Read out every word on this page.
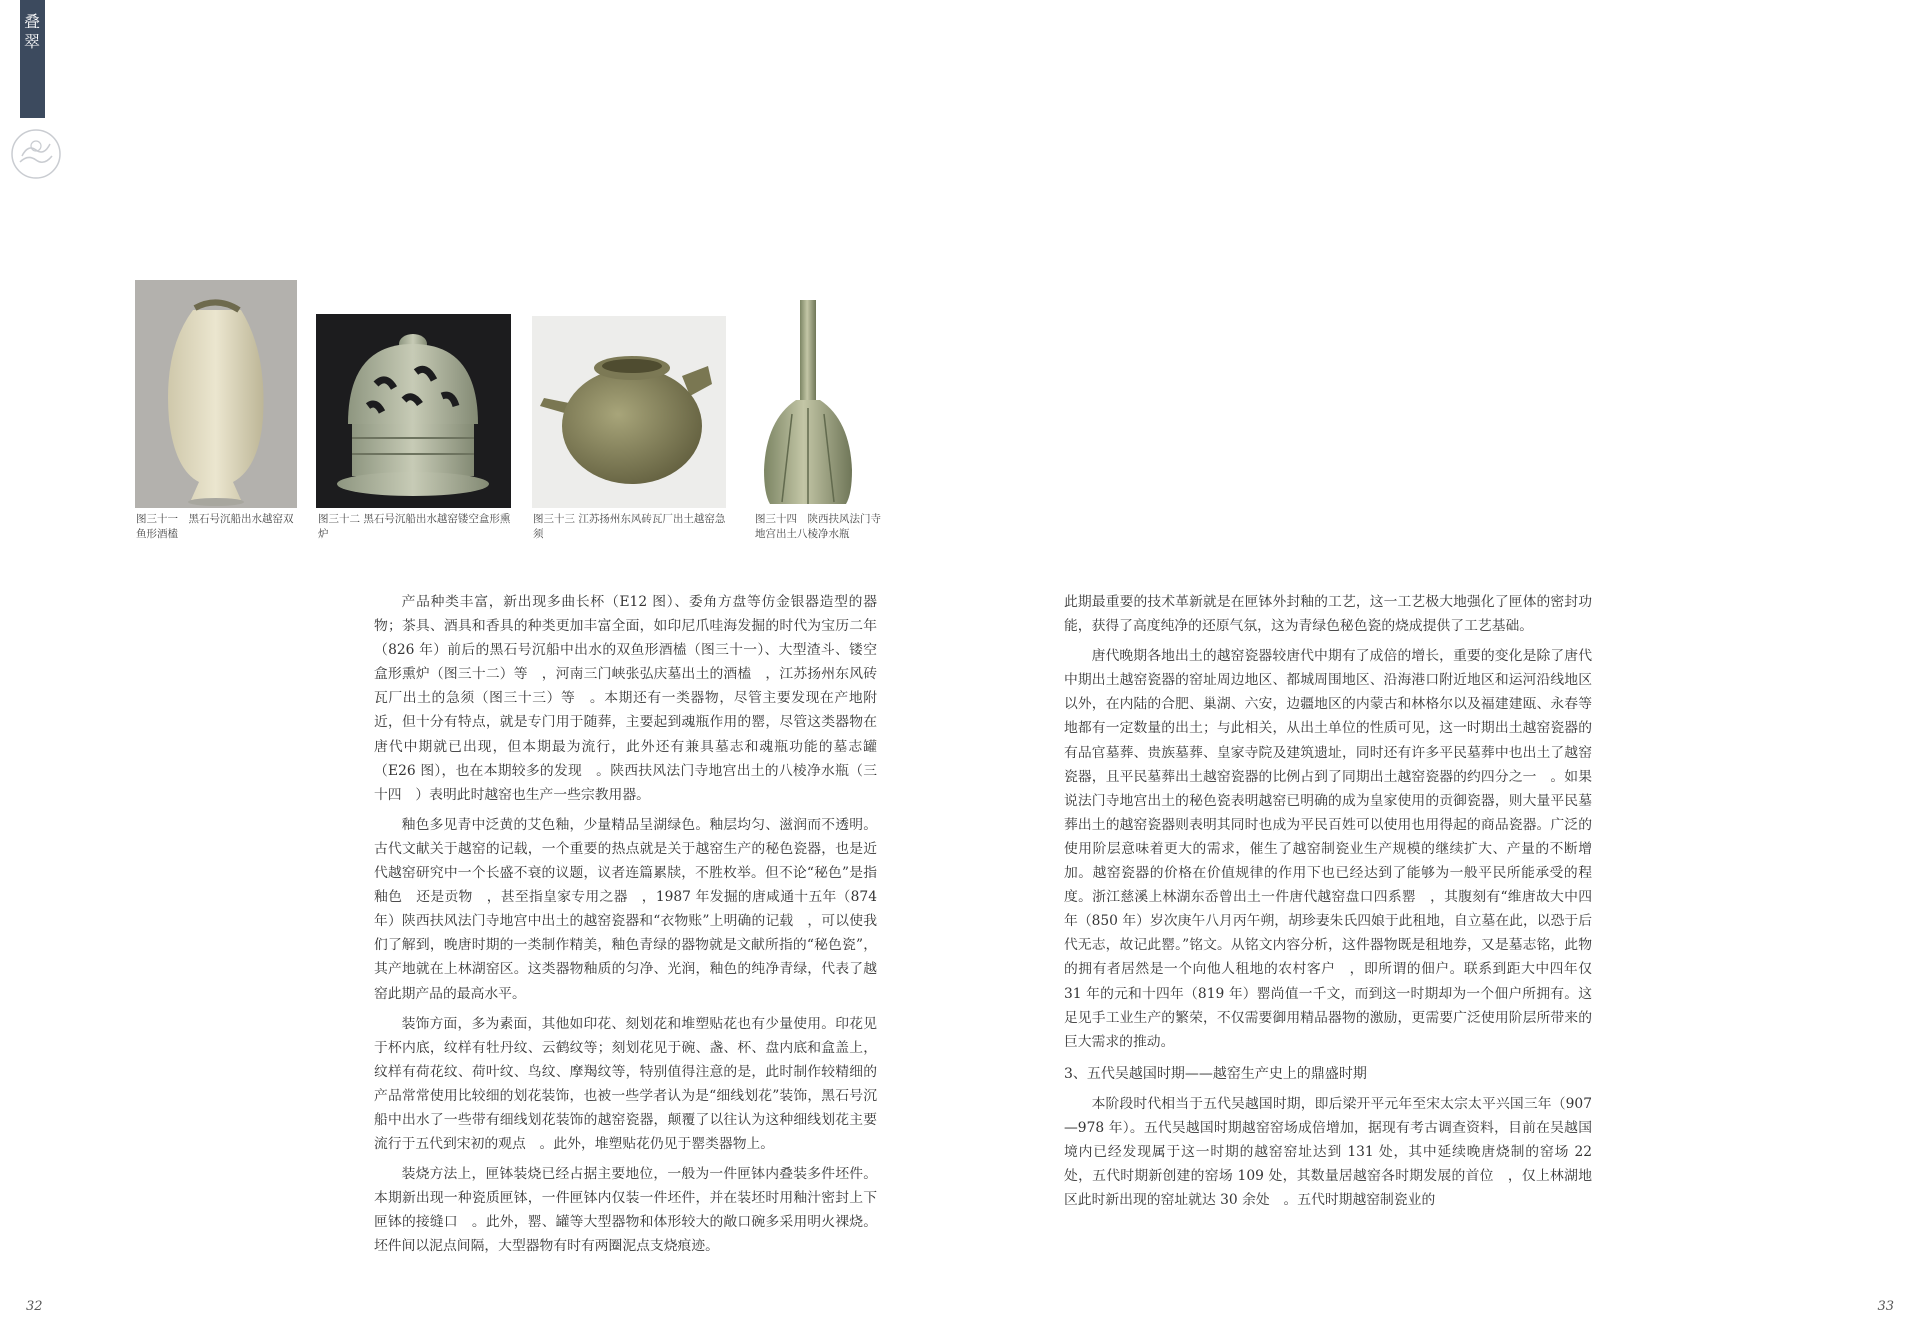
叠翠
图三十一　黑石号沉船出水越窑双鱼形酒榼
图三十二 黑石号沉船出水越窑镂空盒形熏炉
图三十三 江苏扬州东风砖瓦厂出土越窑急须
图三十四　陕西扶风法门寺地宫出土八棱净水瓶

产品种类丰富，新出现多曲长杯（E12 图）、委角方盘等仿金银器造型的器物；茶具、酒具和香具的种类更加丰富全面，如印尼爪哇海发掘的时代为宝历二年（826 年）前后的黑石号沉船中出水的双鱼形酒榼（图三十一）、大型渣斗、镂空盒形熏炉（图三十二）等　，河南三门峡张弘庆墓出土的酒榼　，江苏扬州东风砖瓦厂出土的急须（图三十三）等　。本期还有一类器物，尽管主要发现在产地附近，但十分有特点，就是专门用于随葬，主要起到魂瓶作用的罂，尽管这类器物在唐代中期就已出现，但本期最为流行，此外还有兼具墓志和魂瓶功能的墓志罐（E26 图），也在本期较多的发现　。陕西扶风法门寺地宫出土的八棱净水瓶（三十四　）表明此时越窑也生产一些宗教用器。

釉色多见青中泛黄的艾色釉，少量精品呈湖绿色。釉层均匀、滋润而不透明。古代文献关于越窑的记载，一个重要的热点就是关于越窑生产的秘色瓷器，也是近代越窑研究中一个长盛不衰的议题，议者连篇累牍，不胜枚举。但不论“秘色”是指釉色　还是贡物　，甚至指皇家专用之器　，1987 年发掘的唐咸通十五年（874 年）陕西扶风法门寺地宫中出土的越窑瓷器和“衣物账”上明确的记载　，可以使我们了解到，晚唐时期的一类制作精美，釉色青绿的器物就是文献所指的“秘色瓷”，其产地就在上林湖窑区。这类器物釉质的匀净、光润，釉色的纯净青绿，代表了越窑此期产品的最高水平。

装饰方面，多为素面，其他如印花、刻划花和堆塑贴花也有少量使用。印花见于杯内底，纹样有牡丹纹、云鹤纹等；刻划花见于碗、盏、杯、盘内底和盒盖上，纹样有荷花纹、荷叶纹、鸟纹、摩羯纹等，特别值得注意的是，此时制作较精细的产品常常使用比较细的划花装饰，也被一些学者认为是“细线划花”装饰，黑石号沉船中出水了一些带有细线划花装饰的越窑瓷器，颠覆了以往认为这种细线划花主要流行于五代到宋初的观点　。此外，堆塑贴花仍见于罂类器物上。

装烧方法上，匣钵装烧已经占据主要地位，一般为一件匣钵内叠装多件坯件。本期新出现一种瓷质匣钵，一件匣钵内仅装一件坯件，并在装坯时用釉汁密封上下匣钵的接缝口　。此外，罂、罐等大型器物和体形较大的敞口碗多采用明火裸烧。坯件间以泥点间隔，大型器物有时有两圈泥点支烧痕迹。

此期最重要的技术革新就是在匣钵外封釉的工艺，这一工艺极大地强化了匣体的密封功能，获得了高度纯净的还原气氛，这为青绿色秘色瓷的烧成提供了工艺基础。

唐代晚期各地出土的越窑瓷器较唐代中期有了成倍的增长，重要的变化是除了唐代中期出土越窑瓷器的窑址周边地区、都城周围地区、沿海港口附近地区和运河沿线地区以外，在内陆的合肥、巢湖、六安，边疆地区的内蒙古和林格尔以及福建建瓯、永春等地都有一定数量的出土；与此相关，从出土单位的性质可见，这一时期出土越窑瓷器的有品官墓葬、贵族墓葬、皇家寺院及建筑遗址，同时还有许多平民墓葬中也出土了越窑瓷器，且平民墓葬出土越窑瓷器的比例占到了同期出土越窑瓷器的约四分之一　。如果说法门寺地宫出土的秘色瓷表明越窑已明确的成为皇家使用的贡御瓷器，则大量平民墓葬出土的越窑瓷器则表明其同时也成为平民百姓可以使用也用得起的商品瓷器。广泛的使用阶层意味着更大的需求，催生了越窑制瓷业生产规模的继续扩大、产量的不断增加。越窑瓷器的价格在价值规律的作用下也已经达到了能够为一般平民所能承受的程度。浙江慈溪上林湖东岙曾出土一件唐代越窑盘口四系罂　，其腹刻有“维唐故大中四年（850 年）岁次庚午八月丙午朔，胡珍妻朱氏四娘于此租地，自立墓在此，以恐于后代无志，故记此罂。”铭文。从铭文内容分析，这件器物既是租地券，又是墓志铭，此物的拥有者居然是一个向他人租地的农村客户　，即所谓的佃户。联系到距大中四年仅 31 年的元和十四年（819 年）罂尚值一千文，而到这一时期却为一个佃户所拥有。这足见手工业生产的繁荣，不仅需要御用精品器物的激励，更需要广泛使用阶层所带来的巨大需求的推动。

3、五代吴越国时期——越窑生产史上的鼎盛时期

本阶段时代相当于五代吴越国时期，即后梁开平元年至宋太宗太平兴国三年（907—978 年）。五代吴越国时期越窑窑场成倍增加，据现有考古调查资料，目前在吴越国境内已经发现属于这一时期的越窑窑址达到 131 处，其中延续晚唐烧制的窑场 22 处，五代时期新创建的窑场 109 处，其数量居越窑各时期发展的首位　，仅上林湖地区此时新出现的窑址就达 30 余处　。五代时期越窑制瓷业的

32	33
